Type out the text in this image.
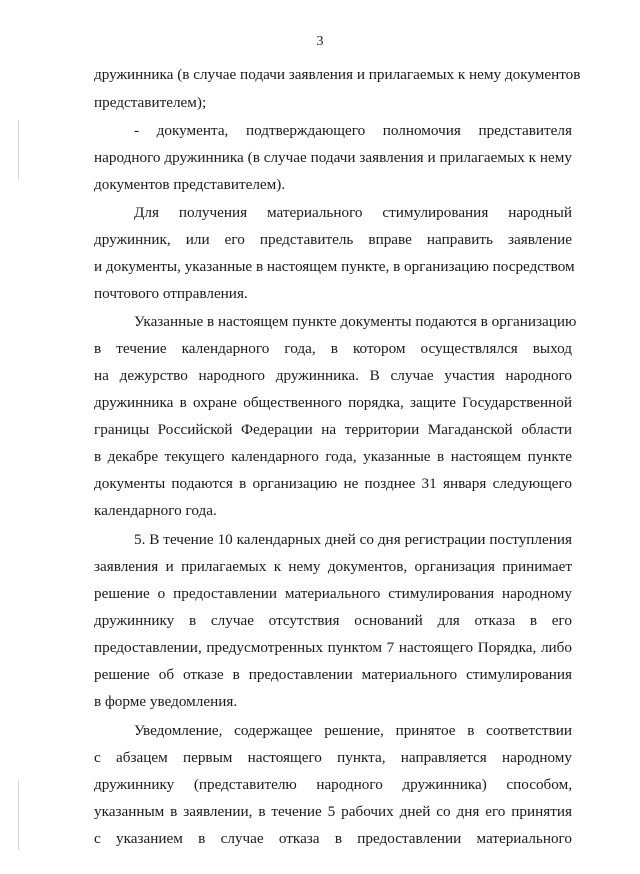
3
дружинника (в случае подачи заявления и прилагаемых к нему документов
представителем);
- документа, подтверждающего полномочия представителя
народного дружинника (в случае подачи заявления и прилагаемых к нему
документов представителем).
Для получения материального стимулирования народный
дружинник, или его представитель вправе направить заявление
и документы, указанные в настоящем пункте, в организацию посредством
почтового отправления.
Указанные в настоящем пункте документы подаются в организацию
в течение календарного года, в котором осуществлялся выход
на дежурство народного дружинника. В случае участия народного
дружинника в охране общественного порядка, защите Государственной
границы Российской Федерации на территории Магаданской области
в декабре текущего календарного года, указанные в настоящем пункте
документы подаются в организацию не позднее 31 января следующего
календарного года.
5. В течение 10 календарных дней со дня регистрации поступления
заявления и прилагаемых к нему документов, организация принимает
решение о предоставлении материального стимулирования народному
дружиннику в случае отсутствия оснований для отказа в его
предоставлении, предусмотренных пунктом 7 настоящего Порядка, либо
решение об отказе в предоставлении материального стимулирования
в форме уведомления.
Уведомление, содержащее решение, принятое в соответствии
с абзацем первым настоящего пункта, направляется народному
дружиннику (представителю народного дружинника) способом,
указанным в заявлении, в течение 5 рабочих дней со дня его принятия
с указанием в случае отказа в предоставлении материального
